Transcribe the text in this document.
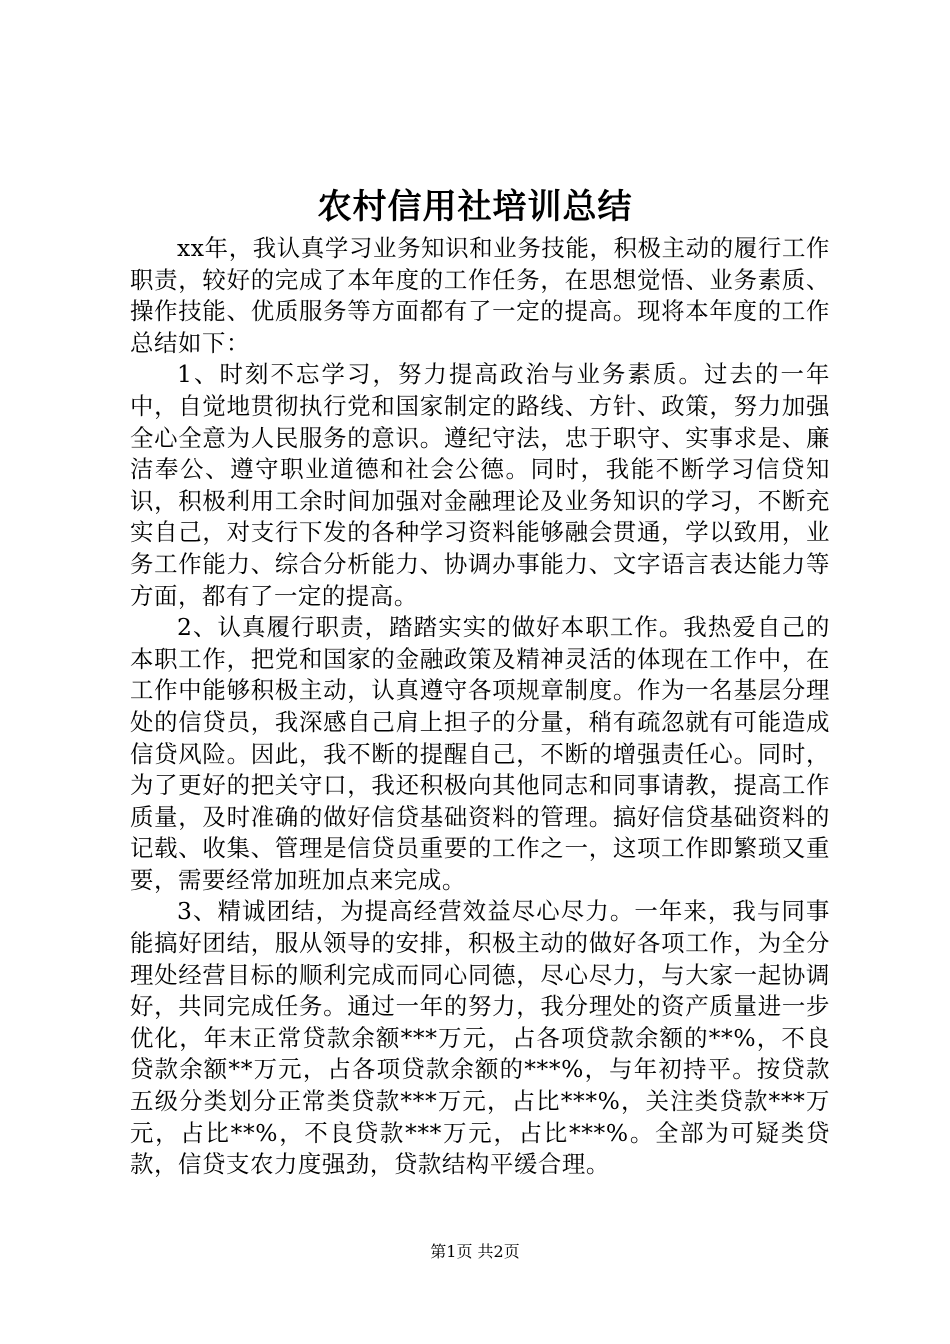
农村信用社培训总结

xx年，我认真学习业务知识和业务技能，积极主动的履行工作职责，较好的完成了本年度的工作任务，在思想觉悟、业务素质、操作技能、优质服务等方面都有了一定的提高。现将本年度的工作总结如下：

1、时刻不忘学习，努力提高政治与业务素质。过去的一年中，自觉地贯彻执行党和国家制定的路线、方针、政策，努力加强全心全意为人民服务的意识。遵纪守法，忠于职守、实事求是、廉洁奉公、遵守职业道德和社会公德。同时，我能不断学习信贷知识，积极利用工余时间加强对金融理论及业务知识的学习，不断充实自己，对支行下发的各种学习资料能够融会贯通，学以致用，业务工作能力、综合分析能力、协调办事能力、文字语言表达能力等方面，都有了一定的提高。

2、认真履行职责，踏踏实实的做好本职工作。我热爱自己的本职工作，把党和国家的金融政策及精神灵活的体现在工作中，在工作中能够积极主动，认真遵守各项规章制度。作为一名基层分理处的信贷员，我深感自己肩上担子的分量，稍有疏忽就有可能造成信贷风险。因此，我不断的提醒自己，不断的增强责任心。同时，为了更好的把关守口，我还积极向其他同志和同事请教，提高工作质量，及时准确的做好信贷基础资料的管理。搞好信贷基础资料的记载、收集、管理是信贷员重要的工作之一，这项工作即繁琐又重要，需要经常加班加点来完成。

3、精诚团结，为提高经营效益尽心尽力。一年来，我与同事能搞好团结，服从领导的安排，积极主动的做好各项工作，为全分理处经营目标的顺利完成而同心同德，尽心尽力，与大家一起协调好，共同完成任务。通过一年的努力，我分理处的资产质量进一步优化，年末正常贷款余额***万元，占各项贷款余额的**%，不良贷款余额**万元，占各项贷款余额的***%，与年初持平。按贷款五级分类划分正常类贷款***万元，占比***%，关注类贷款***万元，占比**%，不良贷款***万元，占比***%。全部为可疑类贷款，信贷支农力度强劲，贷款结构平缓合理。

第1页 共2页
